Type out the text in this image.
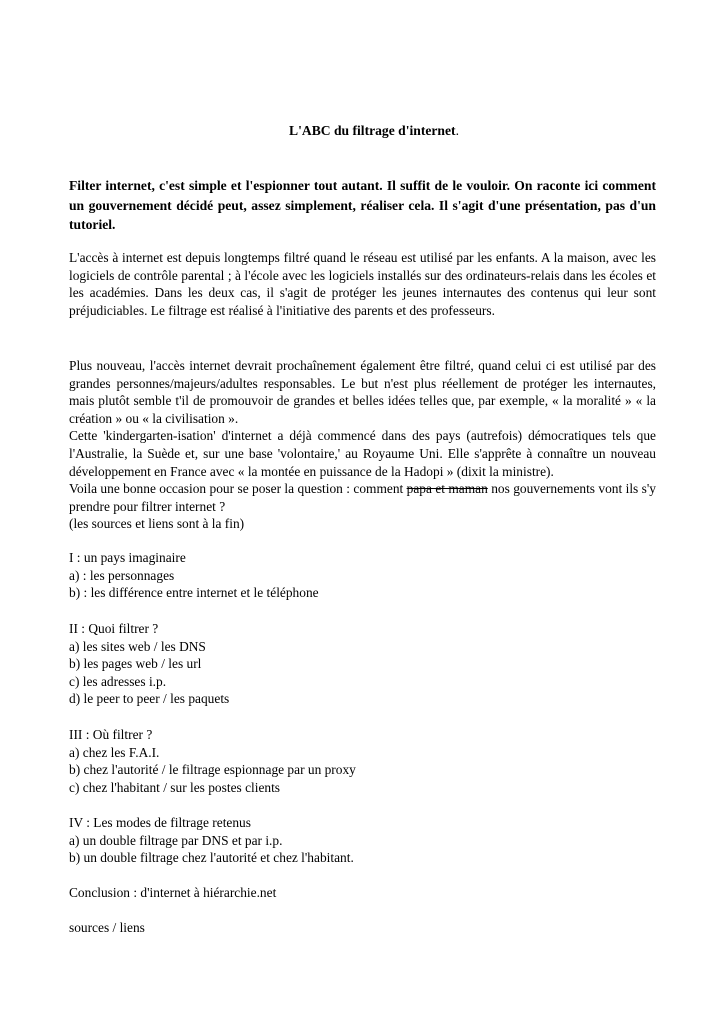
L'ABC du filtrage d'internet.
Filter internet, c'est simple et l'espionner tout autant. Il suffit de le vouloir. On raconte ici comment un gouvernement décidé peut, assez simplement, réaliser cela. Il s'agit d'une présentation, pas d'un tutoriel.
L'accès à internet est depuis longtemps filtré quand le réseau est utilisé par les enfants. A la maison, avec les logiciels de contrôle parental ; à l'école avec les logiciels installés sur des ordinateurs-relais dans les écoles et les académies. Dans les deux cas, il s'agit de protéger les jeunes internautes des contenus qui leur sont préjudiciables. Le filtrage est réalisé à l'initiative des parents et des professeurs.

Plus nouveau, l'accès internet devrait prochaînement également être filtré, quand celui ci est utilisé par des grandes personnes/majeurs/adultes responsables. Le but n'est plus réellement de protéger les internautes, mais plutôt semble t'il de promouvoir de grandes et belles idées telles que, par exemple, « la moralité » « la création » ou « la civilisation ».

Cette 'kindergarten-isation' d'internet a déjà commencé dans des pays (autrefois) démocratiques tels que l'Australie, la Suède et, sur une base 'volontaire,' au Royaume Uni. Elle s'apprête à connaître un nouveau développement en France avec « la montée en puissance de la Hadopi » (dixit la ministre).

Voila une bonne occasion pour se poser la question : comment papa et maman nos gouvernements vont ils s'y prendre pour filtrer internet ?

(les sources et liens sont à la fin)

I : un pays imaginaire
a) : les personnages
b) : les différence entre internet et le téléphone
II : Quoi filtrer ?
a) les sites web / les DNS
b) les pages web / les url
c) les adresses i.p.
d) le peer to peer / les paquets
III : Où filtrer ?
a) chez les F.A.I.
b) chez l'autorité / le filtrage espionnage par un proxy
c) chez l'habitant / sur les postes clients
IV : Les modes de filtrage retenus
a) un double filtrage par DNS et par i.p.
b) un double filtrage chez l'autorité et chez l'habitant.
Conclusion : d'internet à hiérarchie.net
sources / liens
